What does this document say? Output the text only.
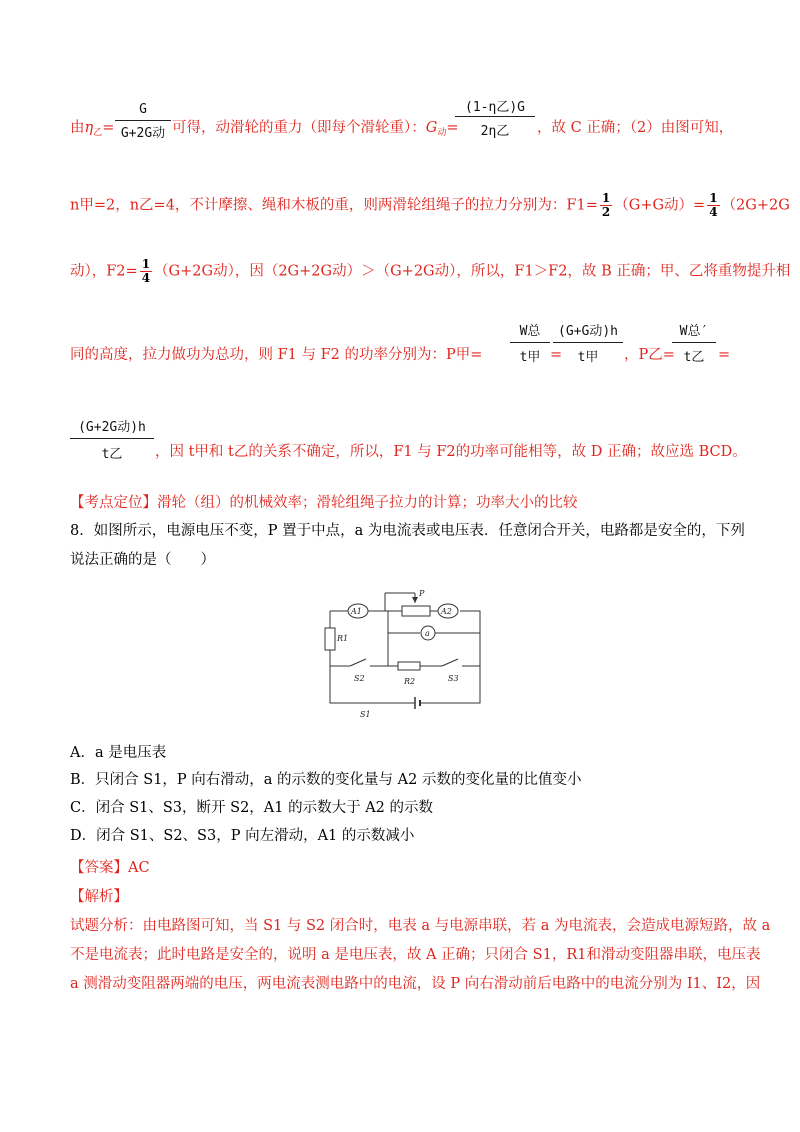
由$\eta_乙=$
G
G+2G动 可得，动滑轮的重力（即每个滑轮重）：$G_动=$
(1-η乙)G
2η乙	，故 C 正确；（2）由图可知，
n甲=2，n乙=4，不计摩擦、绳和木板的重，则两滑轮组绳子的拉力分别为：$F1= \frac{1}{2} (G+G$动）= $\frac{1}{4} (2G+2G$
动），$F2= \frac{1}{4} (G+2G$动），因（2G+2G动）＞（G+2G动），所以，F1＞F2，故 B 正确；甲、乙将重物提升相
同的高度，拉力做功为总功，则 F1 与 F2 的功率分别为：P甲=
W总
t甲 =
(G+G动)h
t甲	，P乙=
W总′
t乙 =
(G+2G动)h
t乙	，因 t甲和 t乙的关系不确定，所以，F1 与 F2的功率可能相等，故 D 正确；故应选 BCD。
【考点定位】滑轮（组）的机械效率；滑轮组绳子拉力的计算；功率大小的比较
8．如图所示，电源电压不变，P 置于中点，a 为电流表或电压表．任意闭合开关，电路都是安全的，下列
说法正确的是（　　）
A1	A2
a
R1
R2
S2	S3
S1
P
A．a 是电压表
B．只闭合 S1，P 向右滑动，a 的示数的变化量与 A2 示数的变化量的比值变小
C．闭合 S1、S3，断开 S2，A1 的示数大于 A2 的示数
D．闭合 S1、S2、S3，P 向左滑动，A1 的示数减小
【答案】AC
【解析】
试题分析：由电路图可知，当 S1 与 S2 闭合时，电表 a 与电源串联，若 a 为电流表，会造成电源短路，故 a
不是电流表；此时电路是安全的，说明 a 是电压表，故 A 正确；只闭合 S1，R1和滑动变阻器串联，电压表
a 测滑动变阻器两端的电压，两电流表测电路中的电流，设 P 向右滑动前后电路中的电流分别为 I1、I2，因
